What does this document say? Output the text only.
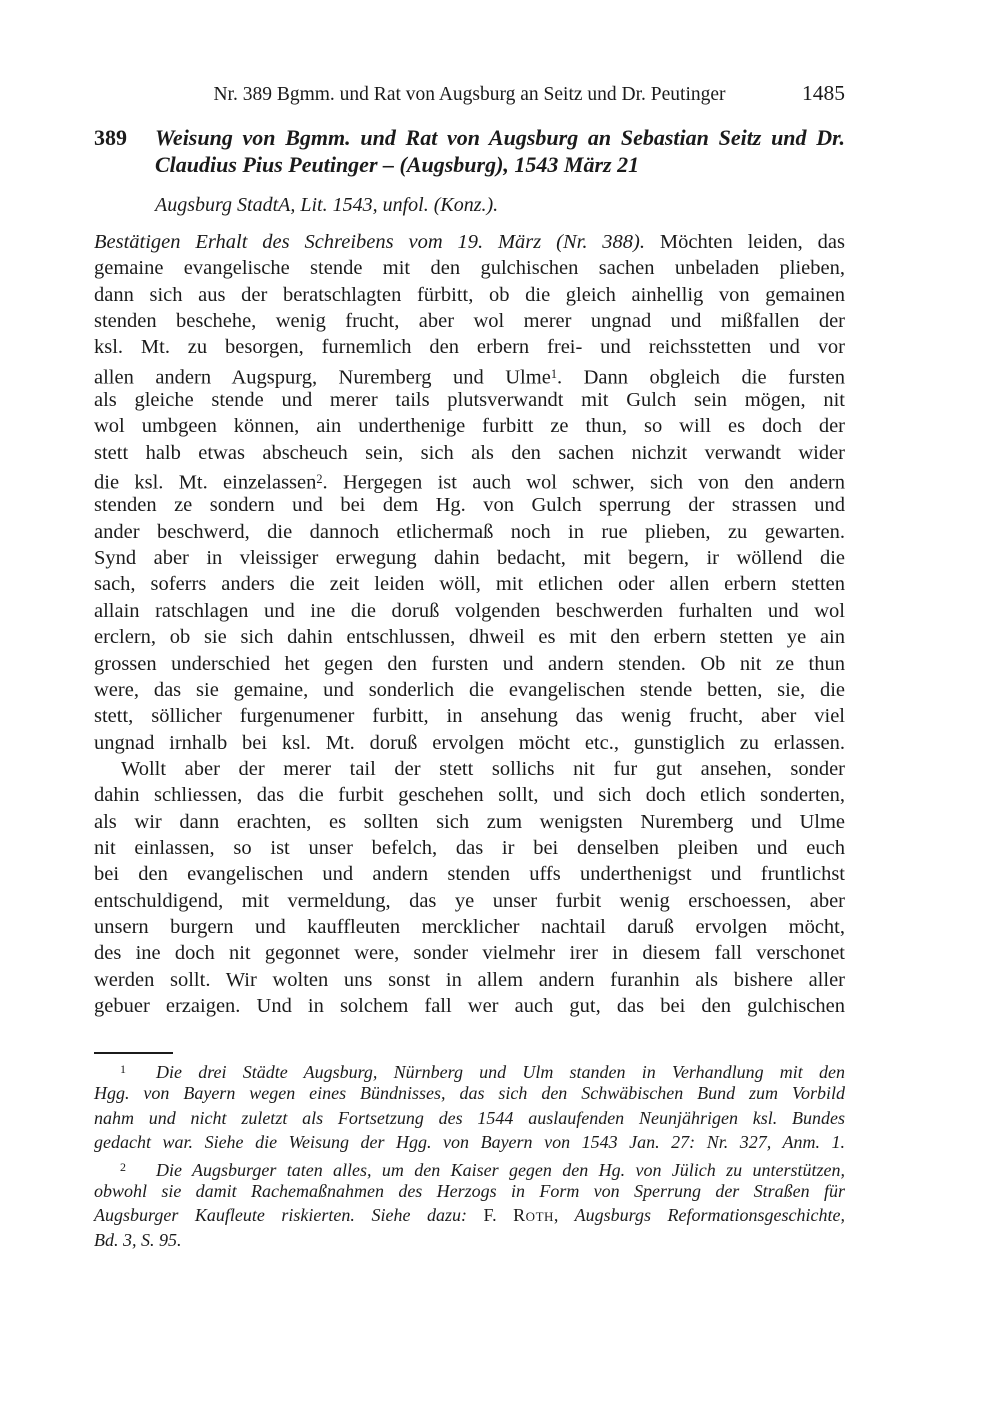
Nr. 389 Bgmm. und Rat von Augsburg an Seitz und Dr. Peutinger	1485
389 Weisung von Bgmm. und Rat von Augsburg an Sebastian Seitz und Dr.
Claudius Pius Peutinger – (Augsburg), 1543 März 21
Augsburg StadtA, Lit. 1543, unfol. (Konz.).
Bestätigen Erhalt des Schreibens vom 19. März (Nr. 388). Möchten leiden, das
gemaine evangelische stende mit den gulchischen sachen unbeladen plieben,
dann sich aus der beratschlagten fürbitt, ob die gleich ainhellig von gemainen
stenden beschehe, wenig frucht, aber wol merer ungnad und mißfallen der
ksl. Mt. zu besorgen, furnemlich den erbern frei- und reichsstetten und vor
allen andern Augspurg, Nuremberg und Ulme$^1$. Dann obgleich die fursten
als gleiche stende und merer tails plutsverwandt mit Gulch sein mögen, nit
wol umbgeen können, ain underthenige furbitt ze thun, so will es doch der
stett halb etwas abscheuch sein, sich als den sachen nichzit verwandt wider
die ksl. Mt. einzelassen$^2$. Hergegen ist auch wol schwer, sich von den andern
stenden ze sondern und bei dem Hg. von Gulch sperrung der strassen und
ander beschwerd, die dannoch etlichermaß noch in rue plieben, zu gewarten.
Synd aber in vleissiger erwegung dahin bedacht, mit begern, ir wöllend die
sach, soferrs anders die zeit leiden wöll, mit etlichen oder allen erbern stetten
allain ratschlagen und ine die doruß volgenden beschwerden furhalten und wol
erclern, ob sie sich dahin entschlussen, dhweil es mit den erbern stetten ye ain
grossen underschied het gegen den fursten und andern stenden. Ob nit ze thun
were, das sie gemaine, und sonderlich die evangelischen stende betten, sie, die
stett, söllicher furgenumener furbitt, in ansehung das wenig frucht, aber viel
ungnad irnhalb bei ksl. Mt. doruß ervolgen möcht etc., gunstiglich zu erlassen.
Wollt aber der merer tail der stett sollichs nit fur gut ansehen, sonder
dahin schliessen, das die furbit geschehen sollt, und sich doch etlich sonderten,
als wir dann erachten, es sollten sich zum wenigsten Nuremberg und Ulme
nit einlassen, so ist unser befelch, das ir bei denselben pleiben und euch
bei den evangelischen und andern stenden uffs underthenigst und fruntlichst
entschuldigend, mit vermeldung, das ye unser furbit wenig erschoessen, aber
unsern burgern und kauffleuten mercklicher nachtail daruß ervolgen möcht,
des ine doch nit gegonnet were, sonder vielmehr irer in diesem fall verschonet
werden sollt. Wir wolten uns sonst in allem andern furanhin als bishere aller
gebuer erzaigen. Und in solchem fall wer auch gut, das bei den gulchischen
$^1$ Die drei Städte Augsburg, Nürnberg und Ulm standen in Verhandlung mit den
Hgg. von Bayern wegen eines Bündnisses, das sich den Schwäbischen Bund zum Vorbild
nahm und nicht zuletzt als Fortsetzung des 1544 auslaufenden Neunjährigen ksl. Bundes
gedacht war. Siehe die Weisung der Hgg. von Bayern von 1543 Jan. 27: Nr. 327, Anm. 1.
$^2$ Die Augsburger taten alles, um den Kaiser gegen den Hg. von Jülich zu unterstützen,
obwohl sie damit Rachemaßnahmen des Herzogs in Form von Sperrung der Straßen für
Augsburger Kaufleute riskierten. Siehe dazu: F. Roth, Augsburgs Reformationsgeschichte,
Bd. 3, S. 95.
